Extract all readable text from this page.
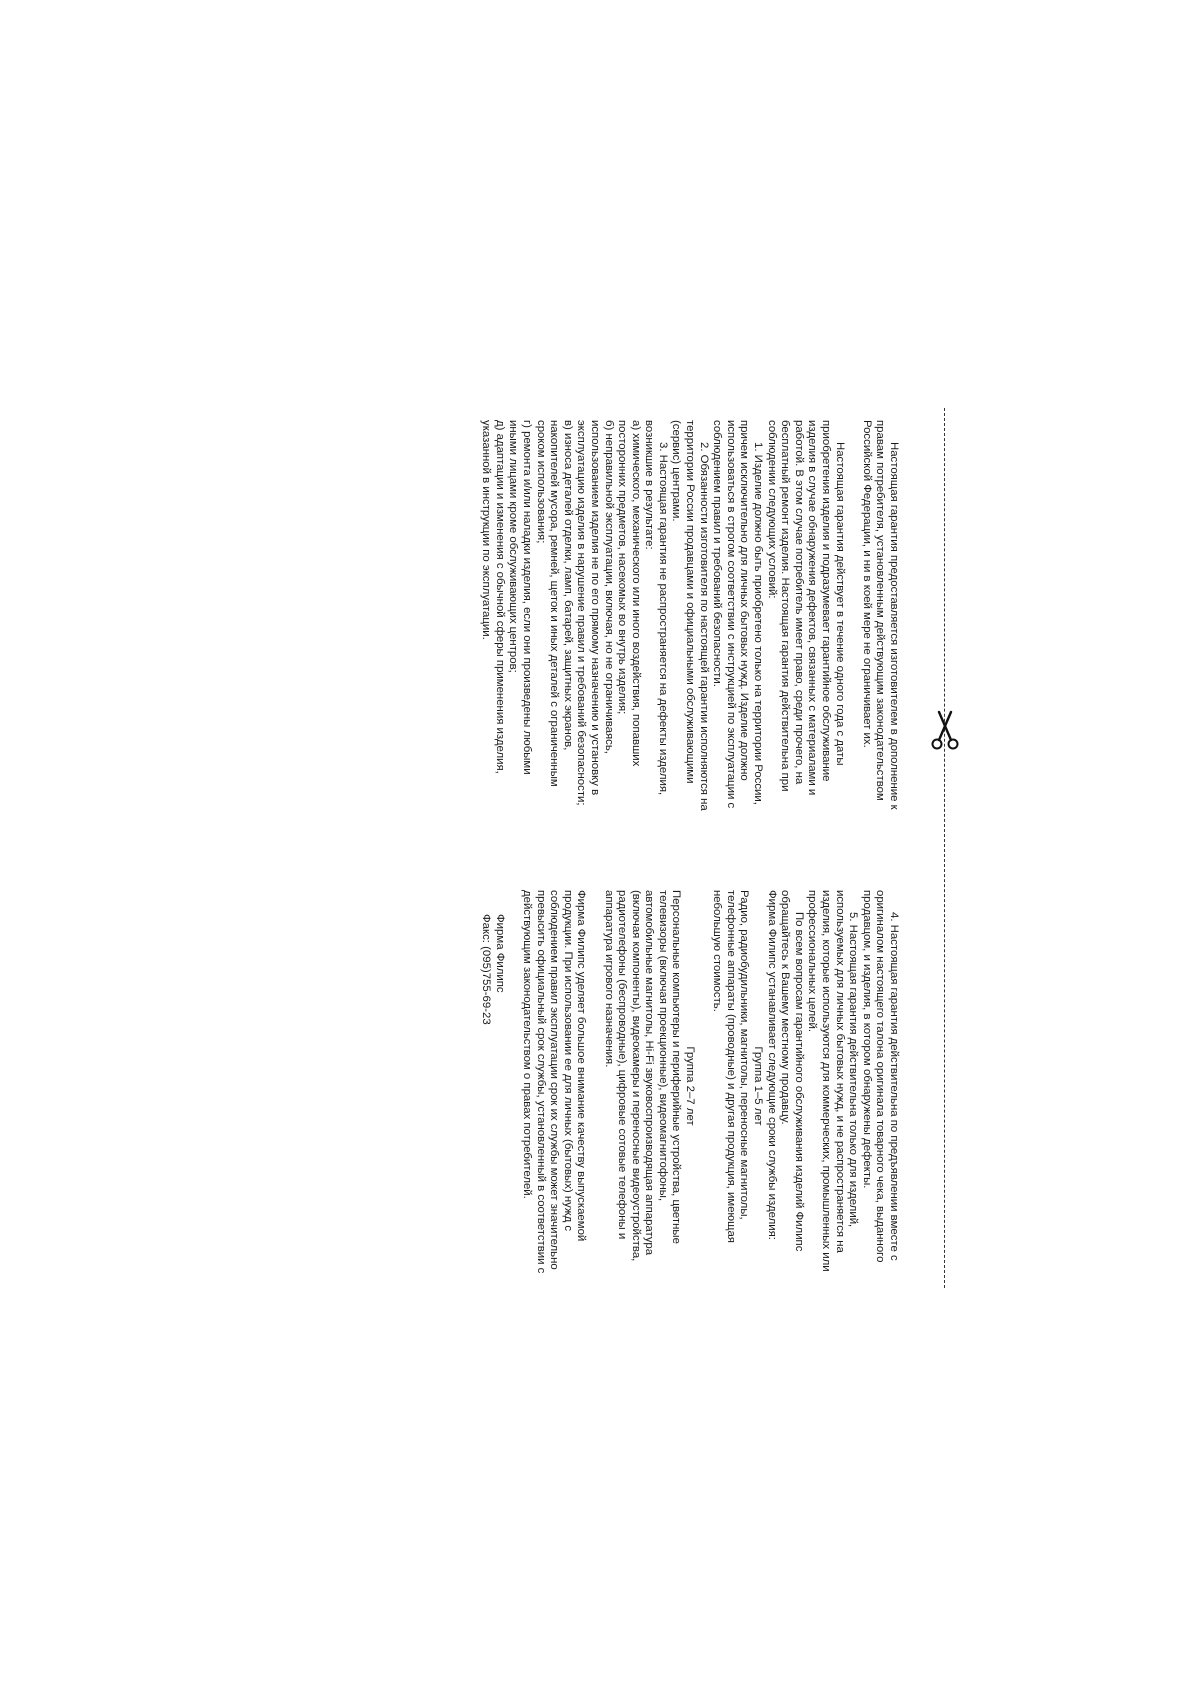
Настоящая гарантия предоставляется изготовителем в дополнение к правам потребителя, установленным действующим законодательством Российской Федерации, и ни в коей мере не ограничивает их.

Настоящая гарантия действует в течение одного года с даты приобретения изделия и подразумевает гарантийное обслуживание изделия в случае обнаружения дефектов, связанных с материалами и работой. В этом случае потребитель имеет право, среди прочего, на бесплатный ремонт изделия. Настоящая гарантия действительна при соблюдении следующих условий:

1. Изделие должно быть приобретено только на территории России, причем исключительно для личных бытовых нужд. Изделие должно использоваться в строгом соответствии с инструкцией по эксплуатации с соблюдением правил и требований безопасности.

2. Обязанности изготовителя по настоящей гарантии исполняются на территории России продавцами и официальными обслуживающими (сервис) центрами.

3. Настоящая гарантия не распространяется на дефекты изделия, возникшие в результате:

а) химического, механического или иного воздействия, попавших посторонних предметов, насекомых во внутрь изделия;

б) неправильной эксплуатации, включая, но не ограничиваясь, использованием изделия не по его прямому назначению и установку в эксплуатацию изделия в нарушение правил и требований безопасности;

в) износа деталей отделки, ламп, батарей, защитных экранов, накопителей мусора, ремней, щеток и иных деталей с ограниченным сроком использования;

г) ремонта и/или наладки изделия, если они произведены любыми иными лицами кроме обслуживающих центров;

д) адаптации и изменения с обычной сферы применения изделия, указанной в инструкции по эксплуатации.

4. Настоящая гарантия действительна по предъявлении вместе с оригиналом настоящего талона оригинала товарного чека, выданного продавцом, и изделия, в котором обнаружены дефекты.

5. Настоящая гарантия действительна только для изделий, используемых для личных бытовых нужд, и не распространяется на изделия, которые используются для коммерческих, промышленных или профессиональных целей.

По всем вопросам гарантийного обслуживания изделий Филипс обращайтесь к Вашему местному продавцу.

Фирма Филипс устанавливает следующие сроки службы изделия:

Группа 1–5 лет

Радио, радиобудильники, магнитолы, переносные магнитолы, телефонные аппараты (проводные) и другая продукция, имеющая небольшую стоимость.

Группа 2–7 лет

Персональные компьютеры и периферийные устройства, цветные телевизоры (включая проекционные), видеомагнитофоны, автомобильные магнитолы, Hi-Fi звуковоспроизводящая аппаратура (включая компоненты), видеокамеры и переносные видеоустройства, радиотелефоны (беспроводные), цифровые сотовые телефоны и аппаратура игрового назначения.

Фирма Филипс уделяет большое внимание качеству выпускаемой продукции. При использовании ее для личных (бытовых) нужд с соблюдением правил эксплуатации срок их службы может значительно превысить официальный срок службы, установленный в соответствии с действующим законодательством о правах потребителей.

Фирма Филипс

Факс: (095)755-69-23
